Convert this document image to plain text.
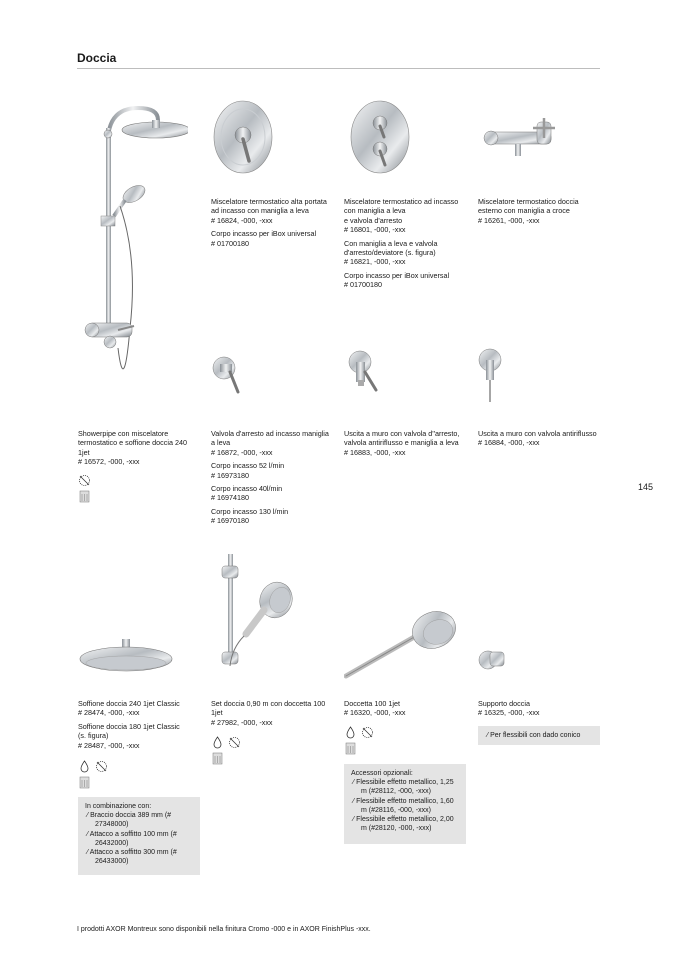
Doccia

Miscelatore termostatico alta portata

ad incasso con maniglia a leva

# 16824, -000, -xxx

Corpo incasso per iBox universal

# 01700180

Miscelatore termostatico ad incasso

con maniglia a leva

e valvola d'arresto

# 16801, -000, -xxx

Con maniglia a leva e valvola

d'arresto/deviatore (s. figura)

# 16821, -000, -xxx

Corpo incasso per iBox universal

# 01700180

Miscelatore termostatico doccia

esterno con maniglia a croce

# 16261, -000, -xxx

Showerpipe con miscelatore

termostatico e soffione doccia 240

1jet

# 16572, -000, -xxx

Valvola d'arresto ad incasso maniglia

a leva

# 16872, -000, -xxx

Corpo incasso 52 l/min

# 16973180

Corpo incasso 40l/min

# 16974180

Corpo incasso 130 l/min

# 16970180

Uscita a muro con valvola d''arresto,

valvola antiriflusso e maniglia a leva

# 16883, -000, -xxx

Uscita a muro con valvola antiriflusso

# 16884, -000, -xxx

145

Soffione doccia 240 1jet Classic

# 28474, -000, -xxx

Soffione doccia 180 1jet Classic

(s. figura)

# 28487, -000, -xxx

Set doccia 0,90 m con doccetta 100

1jet

# 27982, -000, -xxx

Doccetta 100 1jet

# 16320, -000, -xxx

Supporto doccia

# 16325, -000, -xxx

In combinazione con:

⁄ Braccio doccia 389 mm (# 27348000)

⁄ Attacco a soffitto 100 mm (# 26432000)

⁄ Attacco a soffitto 300 mm (# 26433000)

Accessori opzionali:

⁄ Flessibile effetto metallico, 1,25 m (#28112, -000, -xxx)

⁄ Flessibile effetto metallico, 1,60 m (#28116, -000, -xxx)

⁄ Flessibile effetto metallico, 2,00 m (#28120, -000, -xxx)

⁄ Per flessibili con dado conico

I prodotti AXOR Montreux sono disponibili nella finitura Cromo -000 e in AXOR FinishPlus -xxx.
